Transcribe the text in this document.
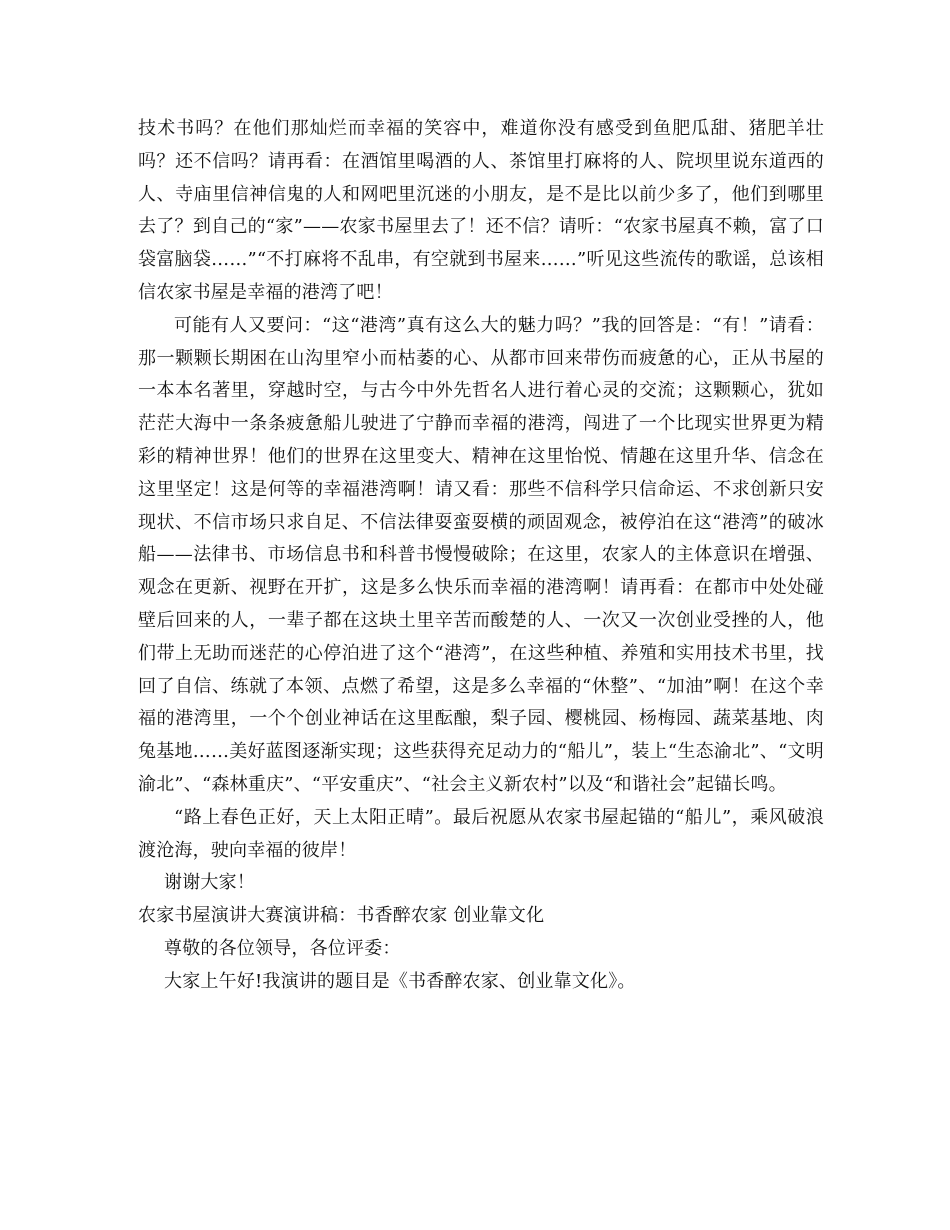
技术书吗？在他们那灿烂而幸福的笑容中，难道你没有感受到鱼肥瓜甜、猪肥羊壮吗？还不信吗？请再看：在酒馆里喝酒的人、茶馆里打麻将的人、院坝里说东道西的人、寺庙里信神信鬼的人和网吧里沉迷的小朋友，是不是比以前少多了，他们到哪里去了？到自己的“家”——农家书屋里去了！还不信？请听：“农家书屋真不赖，富了口袋富脑袋……”“不打麻将不乱串，有空就到书屋来……”听见这些流传的歌谣，总该相信农家书屋是幸福的港湾了吧！

可能有人又要问：“这“港湾”真有这么大的魅力吗？”我的回答是：“有！”请看：那一颗颗长期困在山沟里窄小而枯萎的心、从都市回来带伤而疲惫的心，正从书屋的一本本名著里，穿越时空，与古今中外先哲名人进行着心灵的交流；这颗颗心，犹如茫茫大海中一条条疲惫船儿驶进了宁静而幸福的港湾，闯进了一个比现实世界更为精彩的精神世界！他们的世界在这里变大、精神在这里怡悦、情趣在这里升华、信念在这里坚定！这是何等的幸福港湾啊！请又看：那些不信科学只信命运、不求创新只安现状、不信市场只求自足、不信法律耍蛮耍横的顽固观念，被停泊在这“港湾”的破冰船——法律书、市场信息书和科普书慢慢破除；在这里，农家人的主体意识在增强、观念在更新、视野在开扩，这是多么快乐而幸福的港湾啊！请再看：在都市中处处碰壁后回来的人，一辈子都在这块土里辛苦而酸楚的人、一次又一次创业受挫的人，他们带上无助而迷茫的心停泊进了这个“港湾”，在这些种植、养殖和实用技术书里，找回了自信、练就了本领、点燃了希望，这是多么幸福的“休整”、“加油”啊！在这个幸福的港湾里，一个个创业神话在这里酝酿，梨子园、樱桃园、杨梅园、蔬菜基地、肉兔基地……美好蓝图逐渐实现；这些获得充足动力的“船儿”，装上“生态渝北”、“文明渝北”、“森林重庆”、“平安重庆”、“社会主义新农村”以及“和谐社会”起锚长鸣。

“路上春色正好，天上太阳正晴”。最后祝愿从农家书屋起锚的“船儿”，乘风破浪渡沧海，驶向幸福的彼岸！

谢谢大家！

农家书屋演讲大赛演讲稿：书香醉农家 创业靠文化

尊敬的各位领导，各位评委：

大家上午好!我演讲的题目是《书香醉农家、创业靠文化》。
